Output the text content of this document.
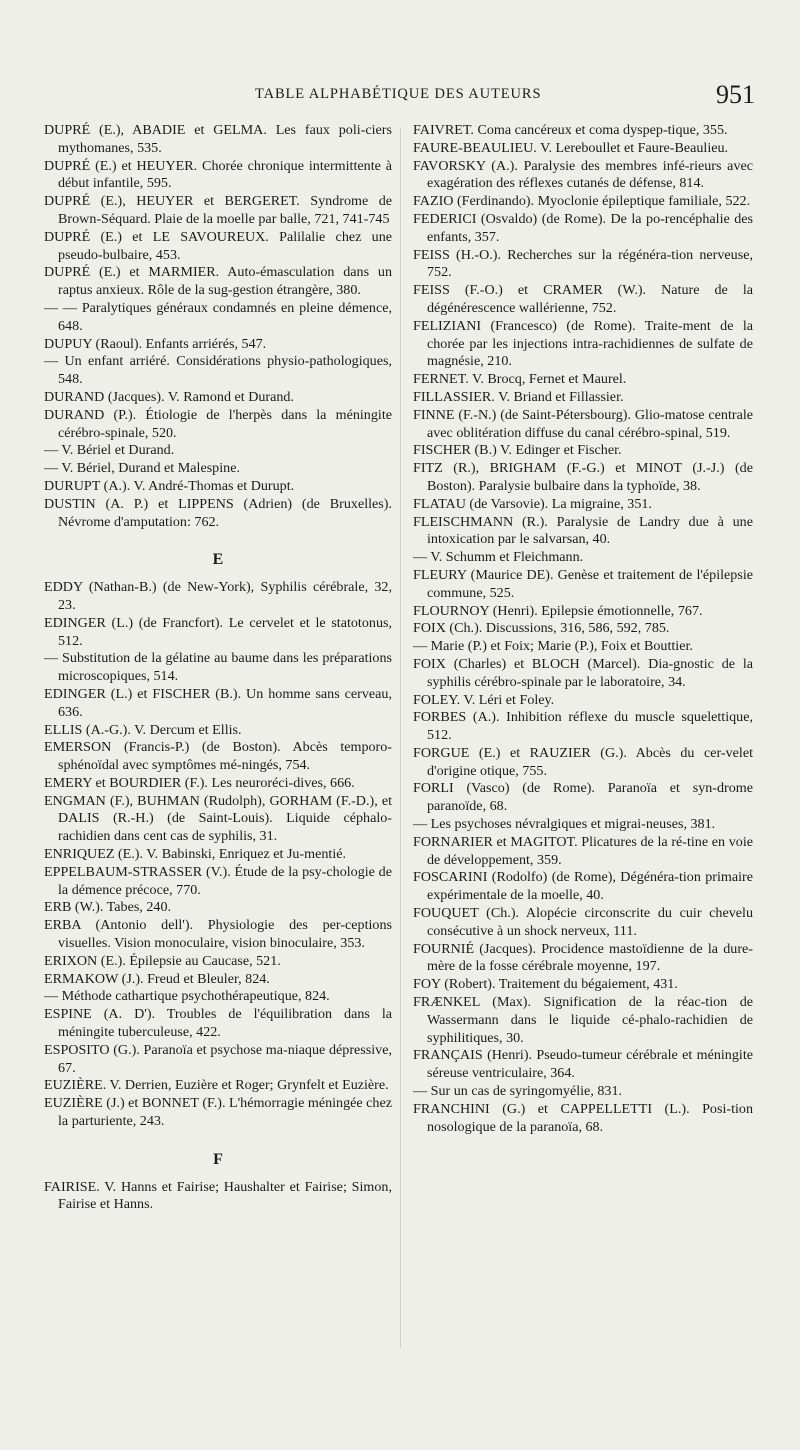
TABLE ALPHABÉTIQUE DES AUTEURS	951

DUPRÉ (E.), ABADIE et GELMA. Les faux poli-ciers mythomanes, 535.

DUPRÉ (E.) et HEUYER. Chorée chronique intermittente à début infantile, 595.

DUPRÉ (E.), HEUYER et BERGERET. Syndrome de Brown-Séquard. Plaie de la moelle par balle, 721, 741-745

DUPRÉ (E.) et LE SAVOUREUX. Palilalie chez une pseudo-bulbaire, 453.

DUPRÉ (E.) et MARMIER. Auto-émasculation dans un raptus anxieux. Rôle de la sug-gestion étrangère, 380.

— — Paralytiques généraux condamnés en pleine démence, 648.

DUPUY (Raoul). Enfants arriérés, 547.

— Un enfant arriéré. Considérations physio-pathologiques, 548.

DURAND (Jacques). V. Ramond et Durand.

DURAND (P.). Étiologie de l'herpès dans la méningite cérébro-spinale, 520.

— V. Bériel et Durand.

— V. Bériel, Durand et Malespine.

DURUPT (A.). V. André-Thomas et Durupt.

DUSTIN (A. P.) et LIPPENS (Adrien) (de Bruxelles). Névrome d'amputation: 762.

E

EDDY (Nathan-B.) (de New-York), Syphilis cérébrale, 32, 23.

EDINGER (L.) (de Francfort). Le cervelet et le statotonus, 512.

— Substitution de la gélatine au baume dans les préparations microscopiques, 514.

EDINGER (L.) et FISCHER (B.). Un homme sans cerveau, 636.

ELLIS (A.-G.). V. Dercum et Ellis.

EMERSON (Francis-P.) (de Boston). Abcès temporo-sphénoïdal avec symptômes mé-ningés, 754.

EMERY et BOURDIER (F.). Les neuroréci-dives, 666.

ENGMAN (F.), BUHMAN (Rudolph), GORHAM (F.-D.), et DALIS (R.-H.) (de Saint-Louis). Liquide céphalo-rachidien dans cent cas de syphilis, 31.

ENRIQUEZ (E.). V. Babinski, Enriquez et Ju-mentié.

EPPELBAUM-STRASSER (V.). Étude de la psy-chologie de la démence précoce, 770.

ERB (W.). Tabes, 240.

ERBA (Antonio dell'). Physiologie des per-ceptions visuelles. Vision monoculaire, vision binoculaire, 353.

ERIXON (E.). Épilepsie au Caucase, 521.

ERMAKOW (J.). Freud et Bleuler, 824.

— Méthode cathartique psychothérapeutique, 824.

ESPINE (A. D'). Troubles de l'équilibration dans la méningite tuberculeuse, 422.

ESPOSITO (G.). Paranoïa et psychose ma-niaque dépressive, 67.

EUZIÈRE. V. Derrien, Euzière et Roger; Grynfelt et Euzière.

EUZIÈRE (J.) et BONNET (F.). L'hémorragie méningée chez la parturiente, 243.

F

FAIRISE. V. Hanns et Fairise; Haushalter et Fairise; Simon, Fairise et Hanns.

FAIVRET. Coma cancéreux et coma dyspep-tique, 355.

FAURE-BEAULIEU. V. Lereboullet et Faure-Beaulieu.

FAVORSKY (A.). Paralysie des membres infé-rieurs avec exagération des réflexes cutanés de défense, 814.

FAZIO (Ferdinando). Myoclonie épileptique familiale, 522.

FEDERICI (Osvaldo) (de Rome). De la po-rencéphalie des enfants, 357.

FEISS (H.-O.). Recherches sur la régénéra-tion nerveuse, 752.

FEISS (F.-O.) et CRAMER (W.). Nature de la dégénérescence wallérienne, 752.

FELIZIANI (Francesco) (de Rome). Traite-ment de la chorée par les injections intra-rachidiennes de sulfate de magnésie, 210.

FERNET. V. Brocq, Fernet et Maurel.

FILLASSIER. V. Briand et Fillassier.

FINNE (F.-N.) (de Saint-Pétersbourg). Glio-matose centrale avec oblitération diffuse du canal cérébro-spinal, 519.

FISCHER (B.) V. Edinger et Fischer.

FITZ (R.), BRIGHAM (F.-G.) et MINOT (J.-J.) (de Boston). Paralysie bulbaire dans la typhoïde, 38.

FLATAU (de Varsovie). La migraine, 351.

FLEISCHMANN (R.). Paralysie de Landry due à une intoxication par le salvarsan, 40.

— V. Schumm et Fleichmann.

FLEURY (Maurice DE). Genèse et traitement de l'épilepsie commune, 525.

FLOURNOY (Henri). Epilepsie émotionnelle, 767.

FOIX (Ch.). Discussions, 316, 586, 592, 785.

— Marie (P.) et Foix; Marie (P.), Foix et Bouttier.

FOIX (Charles) et BLOCH (Marcel). Dia-gnostic de la syphilis cérébro-spinale par le laboratoire, 34.

FOLEY. V. Léri et Foley.

FORBES (A.). Inhibition réflexe du muscle squelettique, 512.

FORGUE (E.) et RAUZIER (G.). Abcès du cer-velet d'origine otique, 755.

FORLI (Vasco) (de Rome). Paranoïa et syn-drome paranoïde, 68.

— Les psychoses névralgiques et migrai-neuses, 381.

FORNARIER et MAGITOT. Plicatures de la ré-tine en voie de développement, 359.

FOSCARINI (Rodolfo) (de Rome), Dégénéra-tion primaire expérimentale de la moelle, 40.

FOUQUET (Ch.). Alopécie circonscrite du cuir chevelu consécutive à un shock nerveux, 111.

FOURNIÉ (Jacques). Procidence mastoïdienne de la dure-mère de la fosse cérébrale moyenne, 197.

FOY (Robert). Traitement du bégaiement, 431.

FRÆNKEL (Max). Signification de la réac-tion de Wassermann dans le liquide cé-phalo-rachidien de syphilitiques, 30.

FRANÇAIS (Henri). Pseudo-tumeur cérébrale et méningite séreuse ventriculaire, 364.

— Sur un cas de syringomyélie, 831.

FRANCHINI (G.) et CAPPELLETTI (L.). Posi-tion nosologique de la paranoïa, 68.
